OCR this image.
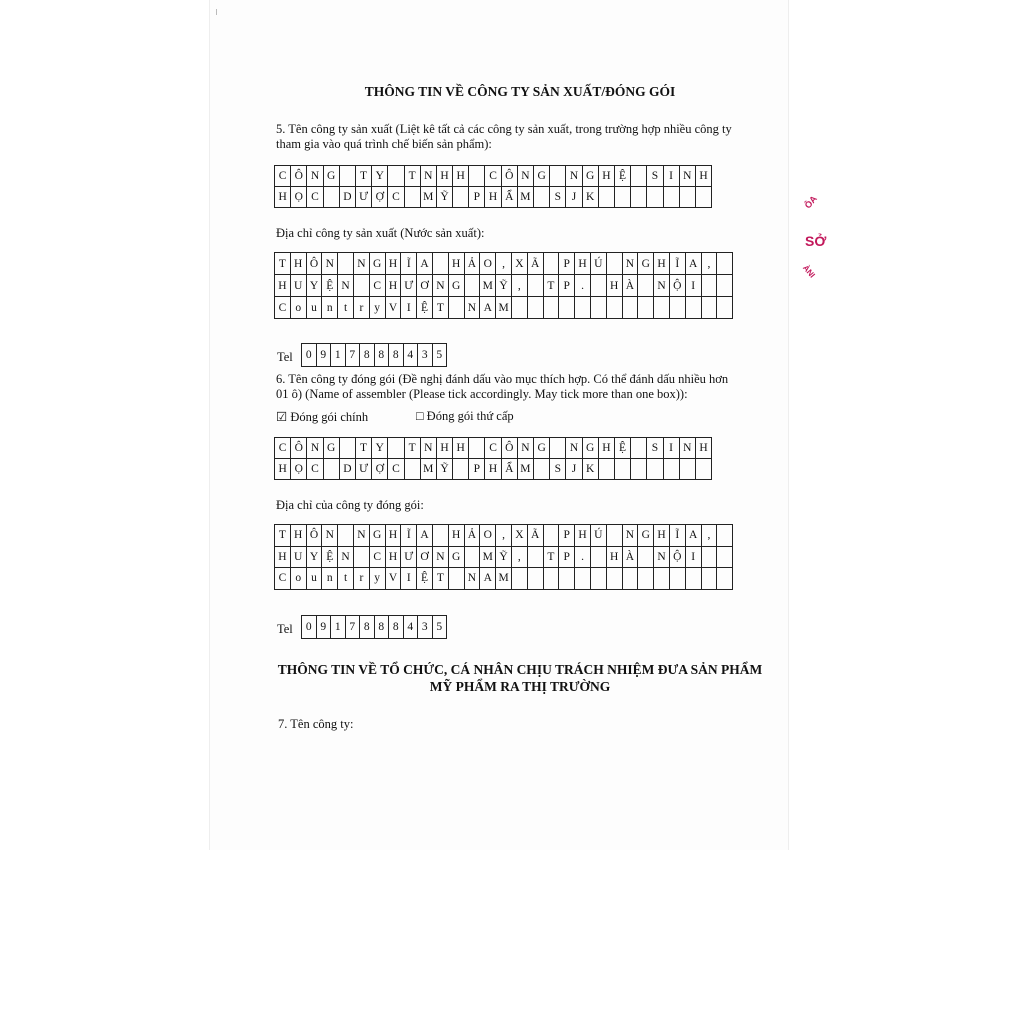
THÔNG TIN VỀ CÔNG TY SẢN XUẤT/ĐÓNG GÓI
5. Tên công ty sản xuất (Liệt kê tất cả các công ty sản xuất, trong trường hợp nhiều công ty
tham gia vào quá trình chế biến sản phẩm):
C Ô N G	T Y	T N H H	C Ô N G	N G H Ệ	S I N H
H Ọ C	D Ư Ợ C	M Ỹ	P H Ẩ M	S J K
Địa chỉ công ty sản xuất (Nước sản xuất):
T H Ô N	N G H Ĩ A	H Ả O , X Ã	P H Ú	N G H Ĩ A ,
H U Y Ệ N	C H Ư Ơ N G	M Ỹ ,	T P .	H À	N Ộ I
C o u n t	r y V I Ệ T	N A M
Tel	0 9 1 7 8 8 8 4 3 5
6. Tên công ty đóng gói (Đề nghị đánh dấu vào mục thích hợp. Có thể đánh dấu nhiều hơn
01 ô) (Name of assembler (Please tick accordingly. May tick more than one box)):
☑ Đóng gói chính	□ Đóng gói thứ cấp
C Ô N G	T Y	T N H H	C Ô N G	N G H Ệ	S I N H
H Ọ C	D Ư Ợ C	M Ỹ	P H Ẩ M	S J K
Địa chỉ của công ty đóng gói:
T H Ô N	N G H Ĩ A	H Ả O , X Ã	P H Ú	N G H Ĩ A ,
H U Y Ệ N	C H Ư Ơ N G	M Ỹ ,	T P .	H À	N Ộ I
C o u n t	r y V I Ệ T	N A M
Tel	0 9 1 7 8 8 8 4 3 5
THÔNG TIN VỀ TỔ CHỨC, CÁ NHÂN CHỊU TRÁCH NHIỆM ĐƯA SẢN PHẨM
MỸ PHẨM RA THỊ TRƯỜNG
7. Tên công ty:
ÔA
SỞ
ÀNI
